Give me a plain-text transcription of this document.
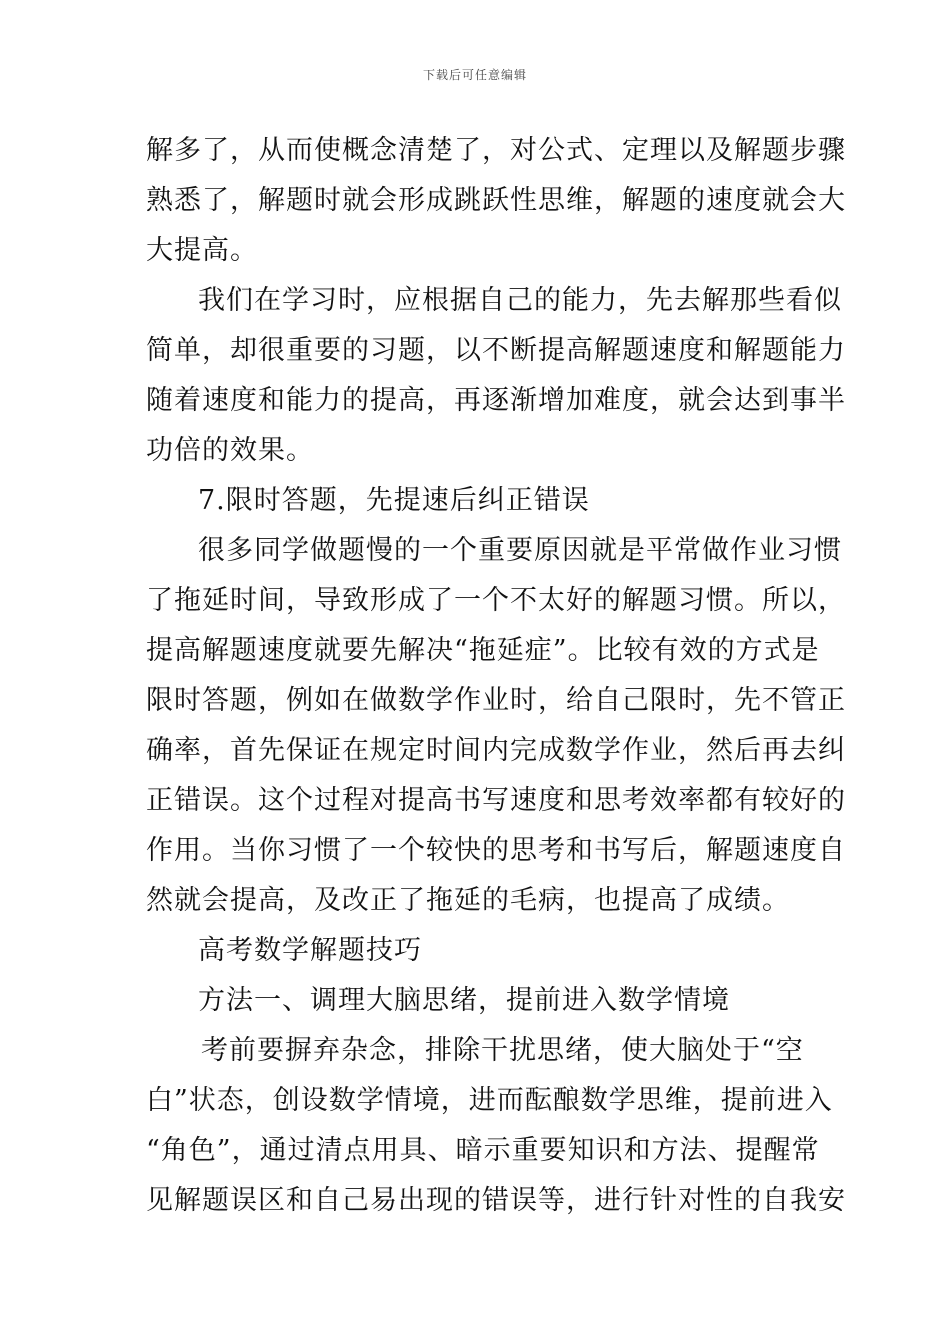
下载后可任意编辑
解多了，从而使概念清楚了，对公式、定理以及解题步骤
熟悉了，解题时就会形成跳跃性思维，解题的速度就会大
大提高。
我们在学习时，应根据自己的能力，先去解那些看似
简单，却很重要的习题，以不断提高解题速度和解题能力
随着速度和能力的提高，再逐渐增加难度，就会达到事半
功倍的效果。
7.限时答题，先提速后纠正错误
很多同学做题慢的一个重要原因就是平常做作业习惯
了拖延时间，导致形成了一个不太好的解题习惯。所以，
提高解题速度就要先解决“拖延症”。比较有效的方式是
限时答题，例如在做数学作业时，给自己限时，先不管正
确率，首先保证在规定时间内完成数学作业，然后再去纠
正错误。这个过程对提高书写速度和思考效率都有较好的
作用。当你习惯了一个较快的思考和书写后，解题速度自
然就会提高，及改正了拖延的毛病，也提高了成绩。
高考数学解题技巧
方法一、调理大脑思绪，提前进入数学情境
考前要摒弃杂念，排除干扰思绪，使大脑处于“空
白”状态，创设数学情境，进而酝酿数学思维，提前进入
“角色”，通过清点用具、暗示重要知识和方法、提醒常
见解题误区和自己易出现的错误等，进行针对性的自我安
